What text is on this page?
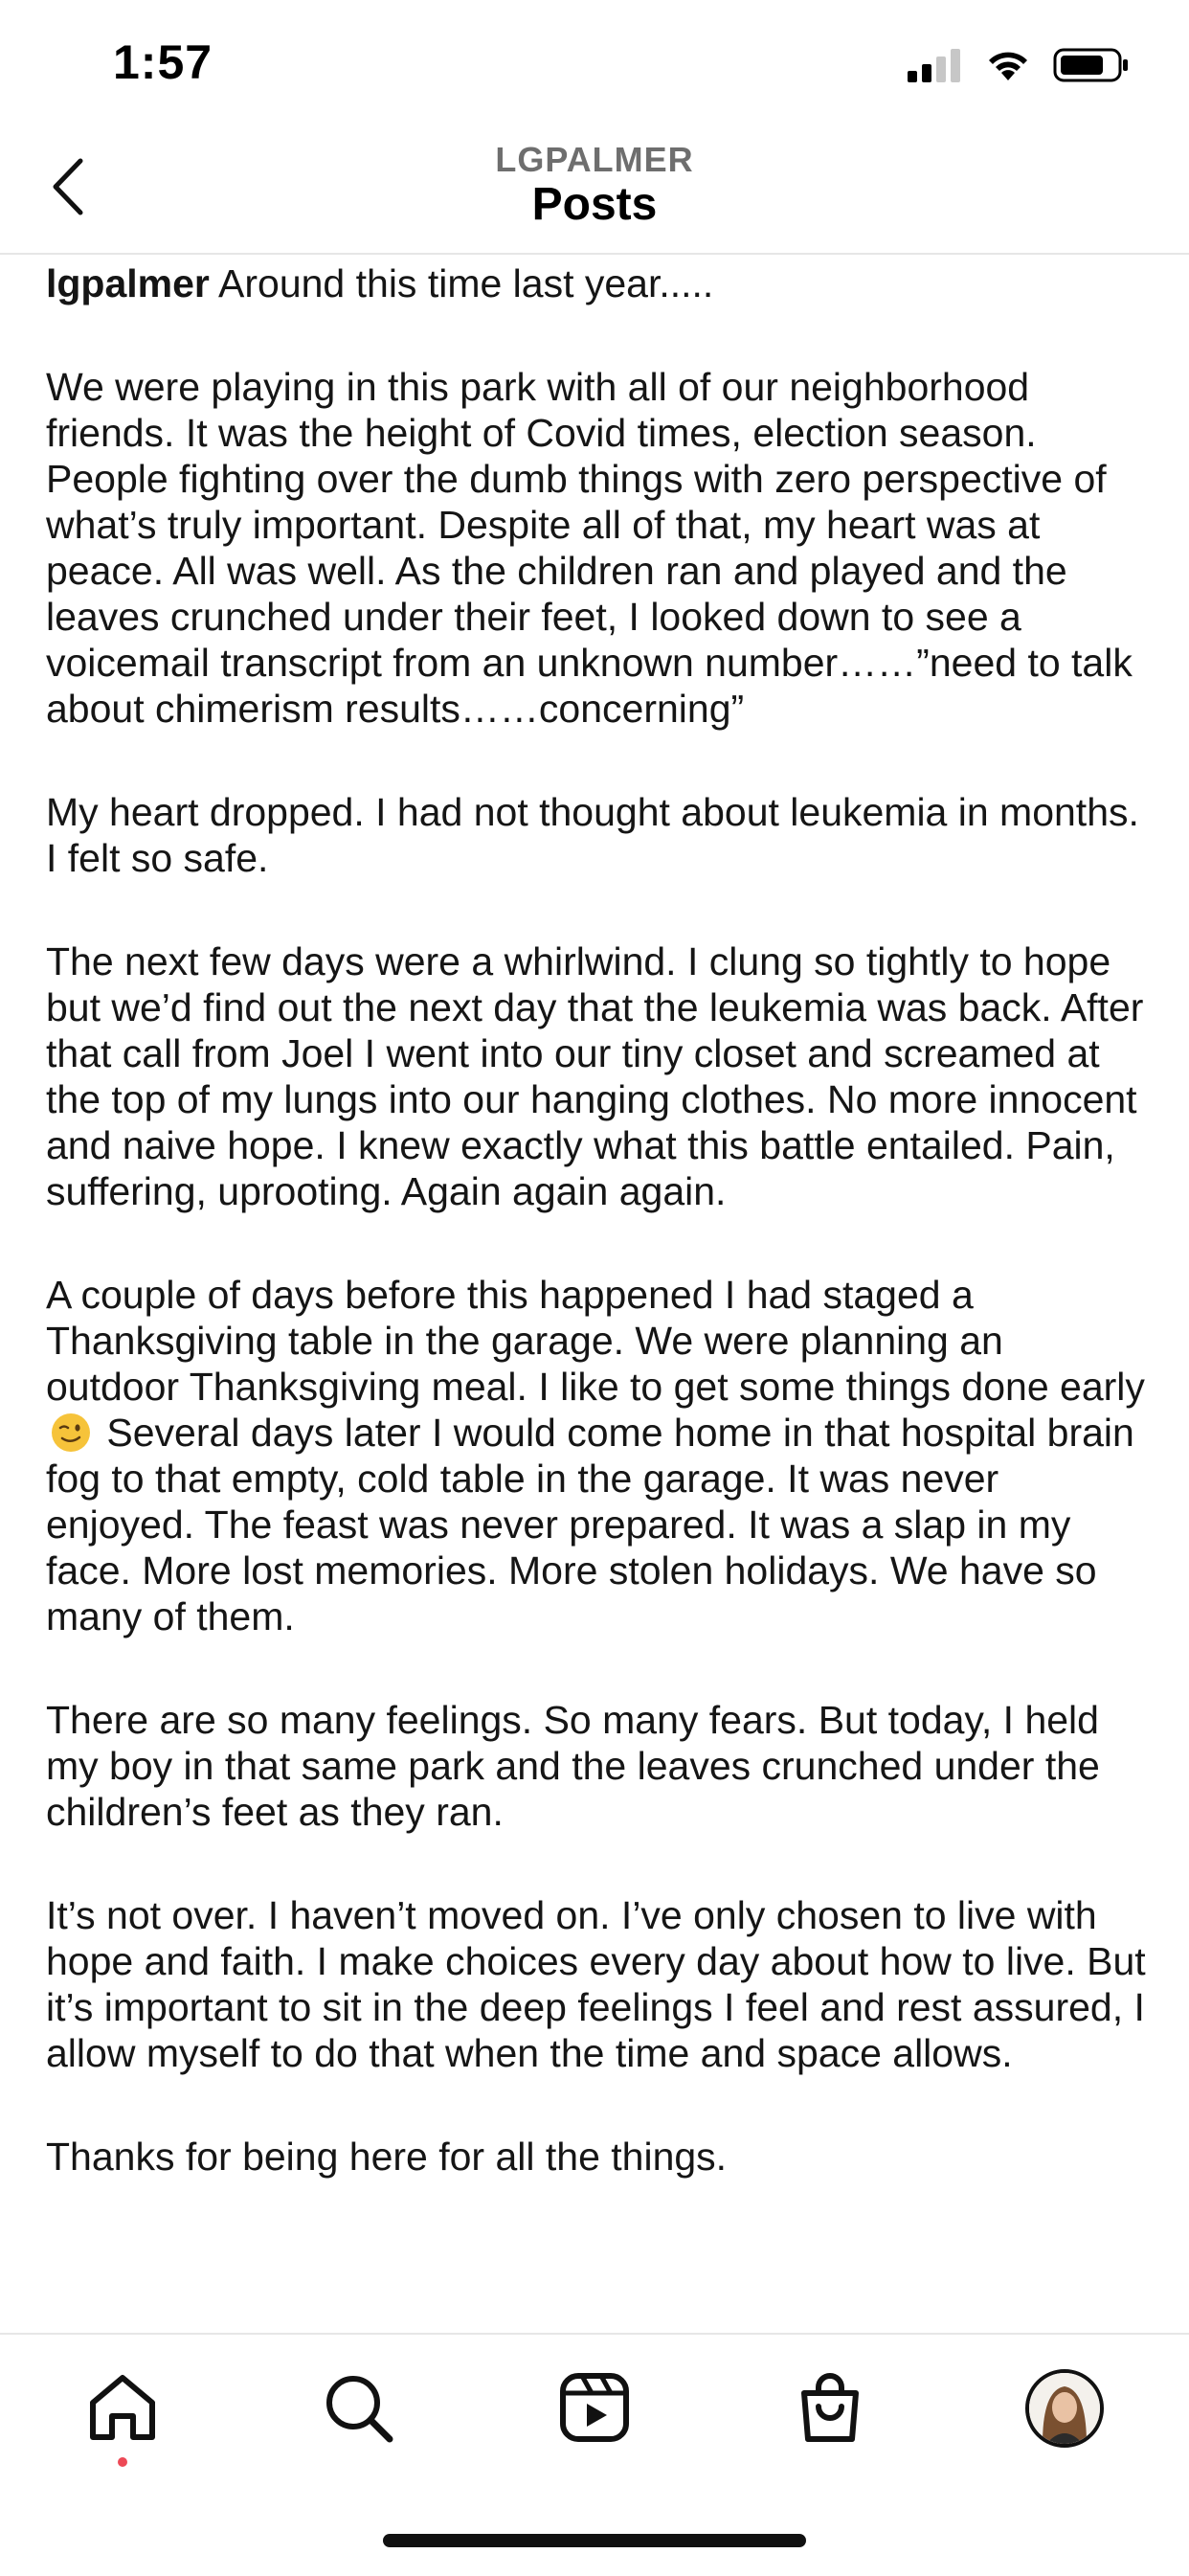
1:57
LGPALMER
Posts

lgpalmer Around this time last year.....

We were playing in this park with all of our neighborhood friends. It was the height of Covid times, election season. People fighting over the dumb things with zero perspective of what’s truly important. Despite all of that, my heart was at peace. All was well. As the children ran and played and the leaves crunched under their feet, I looked down to see a voicemail transcript from an unknown number……”need to talk about chimerism results……concerning”

My heart dropped. I had not thought about leukemia in months. I felt so safe.

The next few days were a whirlwind. I clung so tightly to hope but we’d find out the next day that the leukemia was back. After that call from Joel I went into our tiny closet and screamed at the top of my lungs into our hanging clothes. No more innocent and naive hope. I knew exactly what this battle entailed. Pain, suffering, uprooting. Again again again.

A couple of days before this happened I had staged a Thanksgiving table in the garage. We were planning an outdoor Thanksgiving meal. I like to get some things done early  Several days later I would come home in that hospital brain fog to that empty, cold table in the garage. It was never enjoyed. The feast was never prepared. It was a slap in my face. More lost memories. More stolen holidays. We have so many of them.

There are so many feelings. So many fears. But today, I held my boy in that same park and the leaves crunched under the children’s feet as they ran.

It’s not over. I haven’t moved on. I’ve only chosen to live with hope and faith. I make choices every day about how to live. But it’s important to sit in the deep feelings I feel and rest assured, I allow myself to do that when the time and space allows.

Thanks for being here for all the things.
